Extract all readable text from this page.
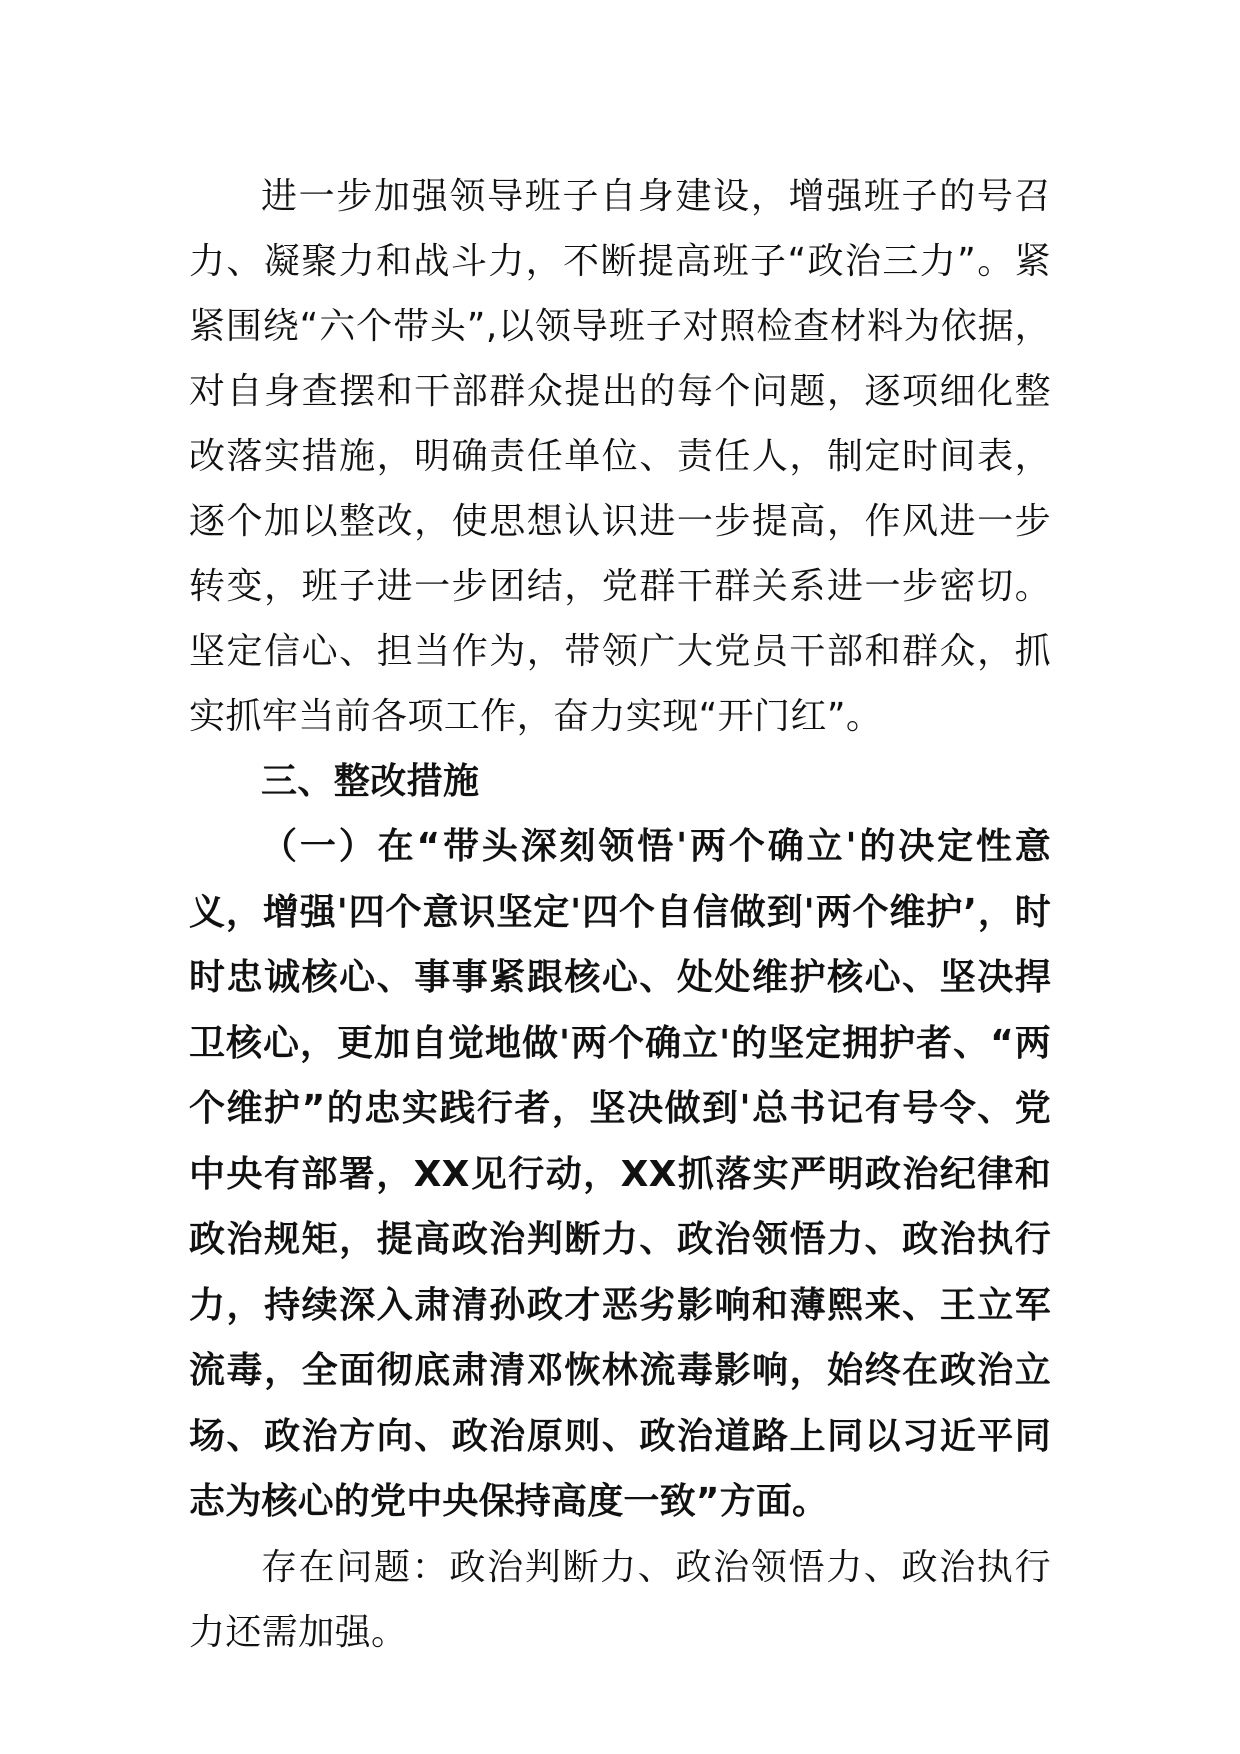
进一步加强领导班子自身建设，增强班子的号召力、凝聚力和战斗力，不断提高班子“政治三力”。紧紧围绕“六个带头”,以领导班子对照检查材料为依据，对自身查摆和干部群众提出的每个问题，逐项细化整改落实措施，明确责任单位、责任人，制定时间表，逐个加以整改，使思想认识进一步提高，作风进一步转变，班子进一步团结，党群干群关系进一步密切。坚定信心、担当作为，带领广大党员干部和群众，抓实抓牢当前各项工作，奋力实现“开门红”。

三、整改措施

（一）在“带头深刻领悟'两个确立'的决定性意义，增强'四个意识坚定'四个自信做到'两个维护’，时时忠诚核心、事事紧跟核心、处处维护核心、坚决捍卫核心，更加自觉地做'两个确立'的坚定拥护者、“两个维护”的忠实践行者，坚决做到'总书记有号令、党中央有部署，XX见行动，XX抓落实严明政治纪律和政治规矩，提高政治判断力、政治领悟力、政治执行力，持续深入肃清孙政才恶劣影响和薄熙来、王立军流毒，全面彻底肃清邓恢林流毒影响，始终在政治立场、政治方向、政治原则、政治道路上同以习近平同志为核心的党中央保持高度一致”方面。

存在问题：政治判断力、政治领悟力、政治执行力还需加强。
